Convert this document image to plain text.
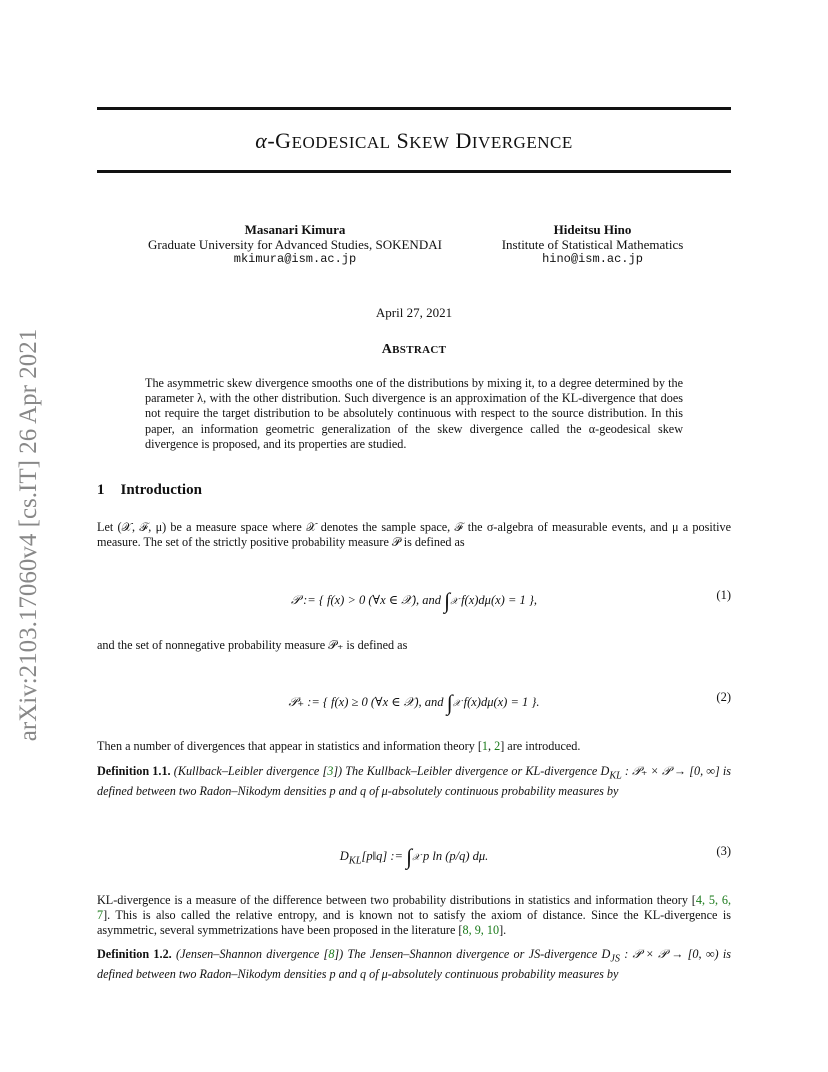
arXiv:2103.17060v4 [cs.IT] 26 Apr 2021
α-GEODESICAL SKEW DIVERGENCE
Masanari Kimura
Graduate University for Advanced Studies, SOKENDAI
mkimura@ism.ac.jp
Hideitsu Hino
Institute of Statistical Mathematics
hino@ism.ac.jp
April 27, 2021
ABSTRACT
The asymmetric skew divergence smooths one of the distributions by mixing it, to a degree determined by the parameter λ, with the other distribution. Such divergence is an approximation of the KL-divergence that does not require the target distribution to be absolutely continuous with respect to the source distribution. In this paper, an information geometric generalization of the skew divergence called the α-geodesical skew divergence is proposed, and its properties are studied.
1 Introduction
Let (𝒳, ℱ, μ) be a measure space where 𝒳 denotes the sample space, ℱ the σ-algebra of measurable events, and μ a positive measure. The set of the strictly positive probability measure 𝒫 is defined as
𝒫 := { f(x) > 0 (∀x ∈ 𝒳), and ∫𝒳 f(x)dμ(x) = 1 },	(1)
and the set of nonnegative probability measure 𝒫₊ is defined as
𝒫₊ := { f(x) ≥ 0 (∀x ∈ 𝒳), and ∫𝒳 f(x)dμ(x) = 1 }.	(2)
Then a number of divergences that appear in statistics and information theory [1, 2] are introduced.
Definition 1.1. (Kullback–Leibler divergence [3]) The Kullback–Leibler divergence or KL-divergence $D_{KL}$ : 𝒫₊ × 𝒫 → [0, ∞] is defined between two Radon–Nikodym densities p and q of μ-absolutely continuous probability measures by
$D_{KL}[p‖q]$ := ∫𝒳 p ln (p/q) dμ.	(3)
KL-divergence is a measure of the difference between two probability distributions in statistics and information theory [4, 5, 6, 7]. This is also called the relative entropy, and is known not to satisfy the axiom of distance. Since the KL-divergence is asymmetric, several symmetrizations have been proposed in the literature [8, 9, 10].
Definition 1.2. (Jensen–Shannon divergence [8]) The Jensen–Shannon divergence or JS-divergence $D_{JS}$ : 𝒫 × 𝒫 → [0, ∞) is defined between two Radon–Nikodym densities p and q of μ-absolutely continuous probability measures by
